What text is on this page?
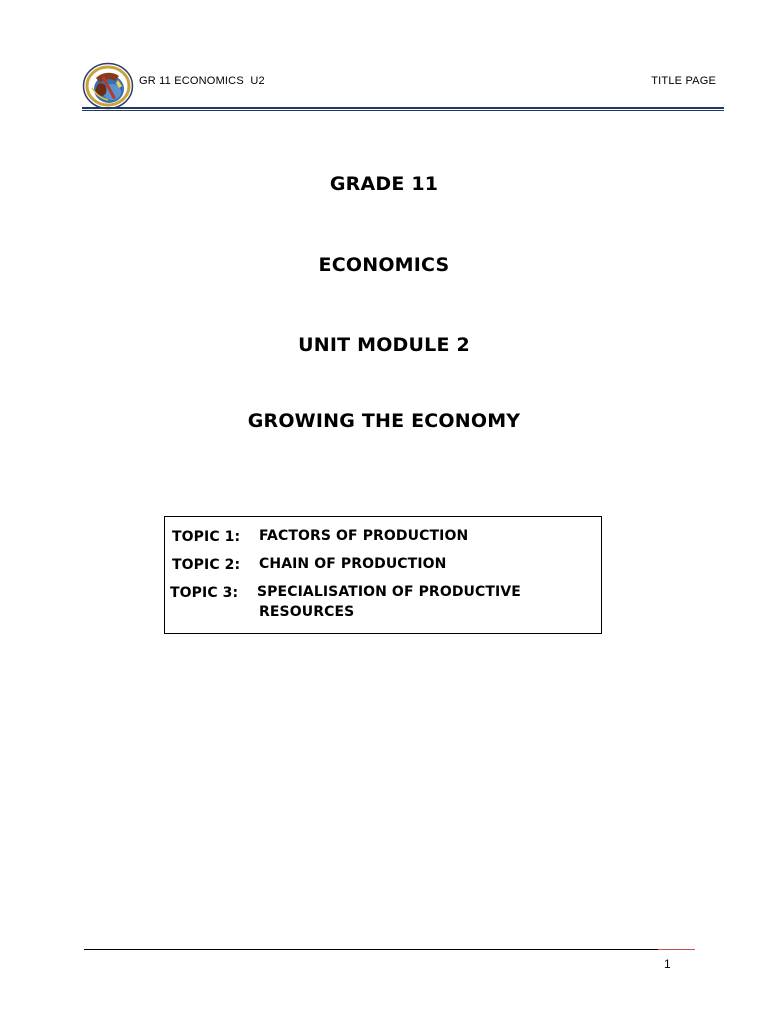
GR 11 ECONOMICS  U2	TITLE PAGE
GRADE 11
ECONOMICS
UNIT MODULE 2
GROWING THE ECONOMY
TOPIC 1: FACTORS OF PRODUCTION
TOPIC 2: CHAIN OF PRODUCTION
TOPIC 3: SPECIALISATION OF PRODUCTIVE
RESOURCES
1
